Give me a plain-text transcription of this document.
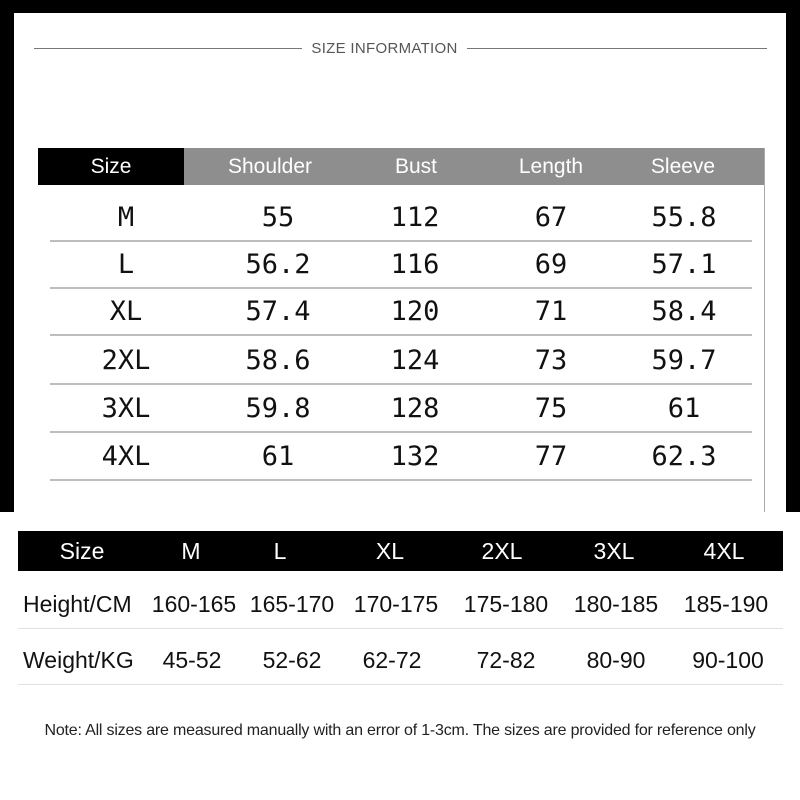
SIZE INFORMATION
Size	Shoulder	Bust	Length	Sleeve
M	55	112	67	55.8
L	56.2	116	69	57.1
XL	57.4	120	71	58.4
2XL	58.6	124	73	59.7
3XL	59.8	128	75	61
4XL	61	132	77	62.3
Size	M	L	XL	2XL	3XL	4XL
Height/CM 160-165 165-170 170-175	175-180	180-185	185-190
Weight/KG	45-52	52-62	62-72	72-82	80-90	90-100
Note: All sizes are measured manually with an error of 1-3cm. The sizes are provided for reference only
